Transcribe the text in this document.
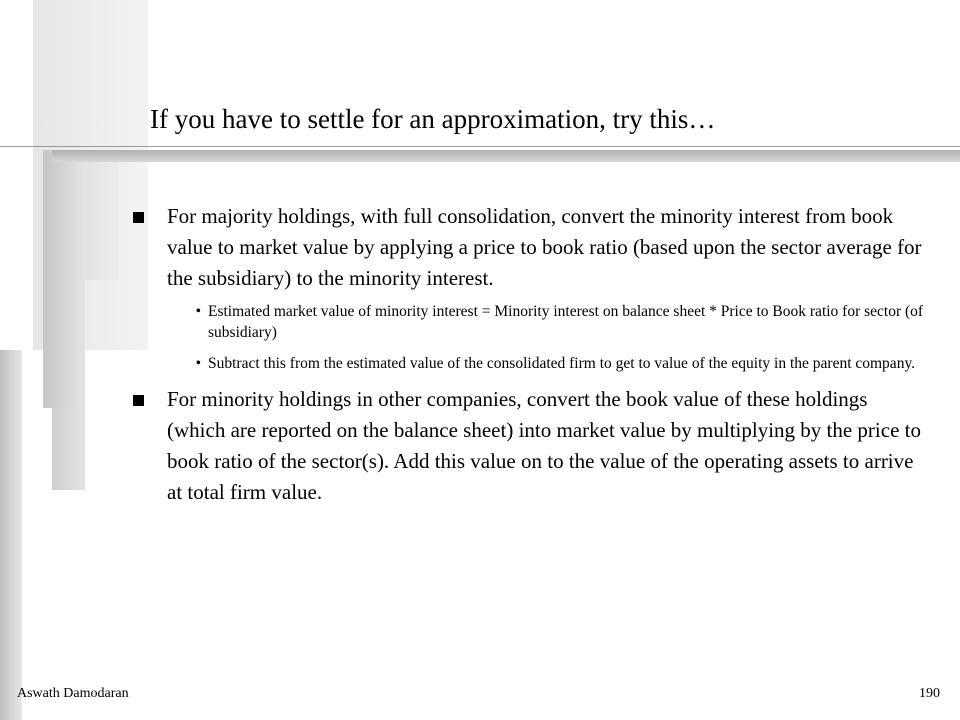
If you have to settle for an approximation, try this…
For majority holdings, with full consolidation, convert the minority interest from book value to market value by applying a price to book ratio (based upon the sector average for the subsidiary) to the minority interest.
• Estimated market value of minority interest = Minority interest on balance sheet * Price to Book ratio for sector (of subsidiary)
• Subtract this from the estimated value of the consolidated firm to get to value of the equity in the parent company.
For minority holdings in other companies, convert the book value of these holdings (which are reported on the balance sheet) into market value by multiplying by the price to book ratio of the sector(s). Add this value on to the value of the operating assets to arrive at total firm value.
Aswath Damodaran	190
